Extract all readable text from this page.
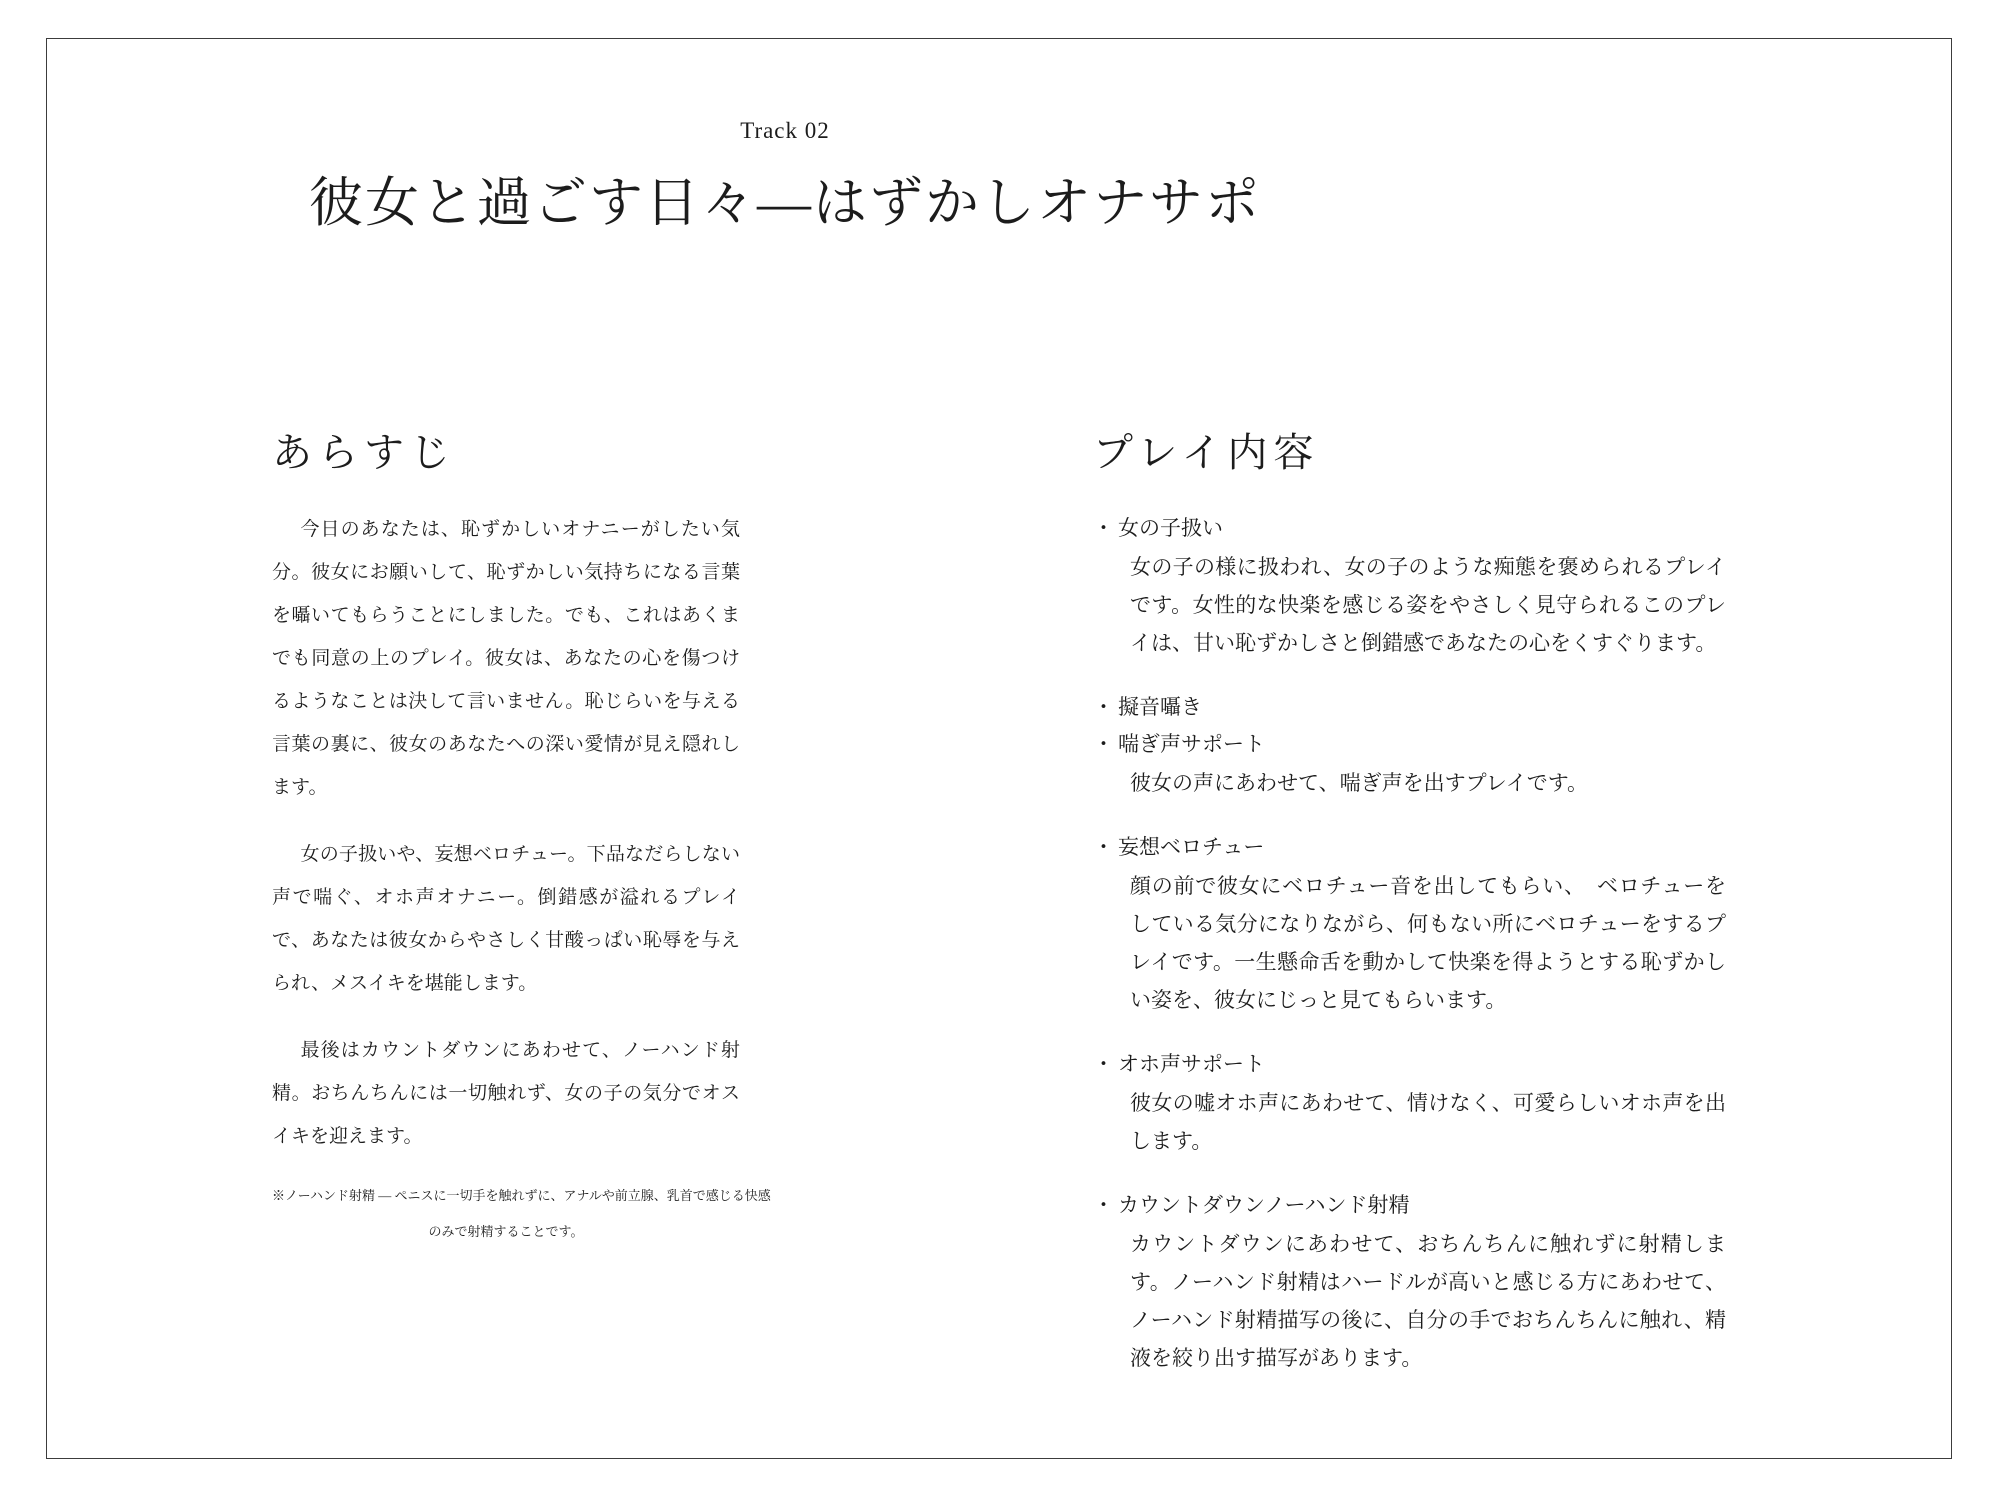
Track 02
彼女と過ごす日々―はずかしオナサポ
あらすじ

今日のあなたは、恥ずかしいオナニーがしたい気分。彼女にお願いして、恥ずかしい気持ちになる言葉を囁いてもらうことにしました。でも、これはあくまでも同意の上のプレイ。彼女は、あなたの心を傷つけるようなことは決して言いません。恥じらいを与える言葉の裏に、彼女のあなたへの深い愛情が見え隠れします。

女の子扱いや、妄想ベロチュー。下品なだらしない声で喘ぐ、オホ声オナニー。倒錯感が溢れるプレイで、あなたは彼女からやさしく甘酸っぱい恥辱を与えられ、メスイキを堪能します。

最後はカウントダウンにあわせて、ノーハンド射精。おちんちんには一切触れず、女の子の気分でオスイキを迎えます。

※ノーハンド射精 ― ペニスに一切手を触れずに、アナルや前立腺、乳首で感じる快感
のみで射精することです。
プレイ内容
・ 女の子扱い
女の子の様に扱われ、女の子のような痴態を褒められるプレイです。女性的な快楽を感じる姿をやさしく見守られるこのプレイは、甘い恥ずかしさと倒錯感であなたの心をくすぐります。
・ 擬音囁き
・ 喘ぎ声サポート
彼女の声にあわせて、喘ぎ声を出すプレイです。
・ 妄想ベロチュー
顔の前で彼女にベロチュー音を出してもらい、　ベロチューをしている気分になりながら、何もない所にベロチューをするプレイです。一生懸命舌を動かして快楽を得ようとする恥ずかしい姿を、彼女にじっと見てもらいます。
・ オホ声サポート
彼女の嘘オホ声にあわせて、情けなく、可愛らしいオホ声を出します。
・ カウントダウンノーハンド射精
カウントダウンにあわせて、おちんちんに触れずに射精します。ノーハンド射精はハードルが高いと感じる方にあわせて、ノーハンド射精描写の後に、自分の手でおちんちんに触れ、精液を絞り出す描写があります。
